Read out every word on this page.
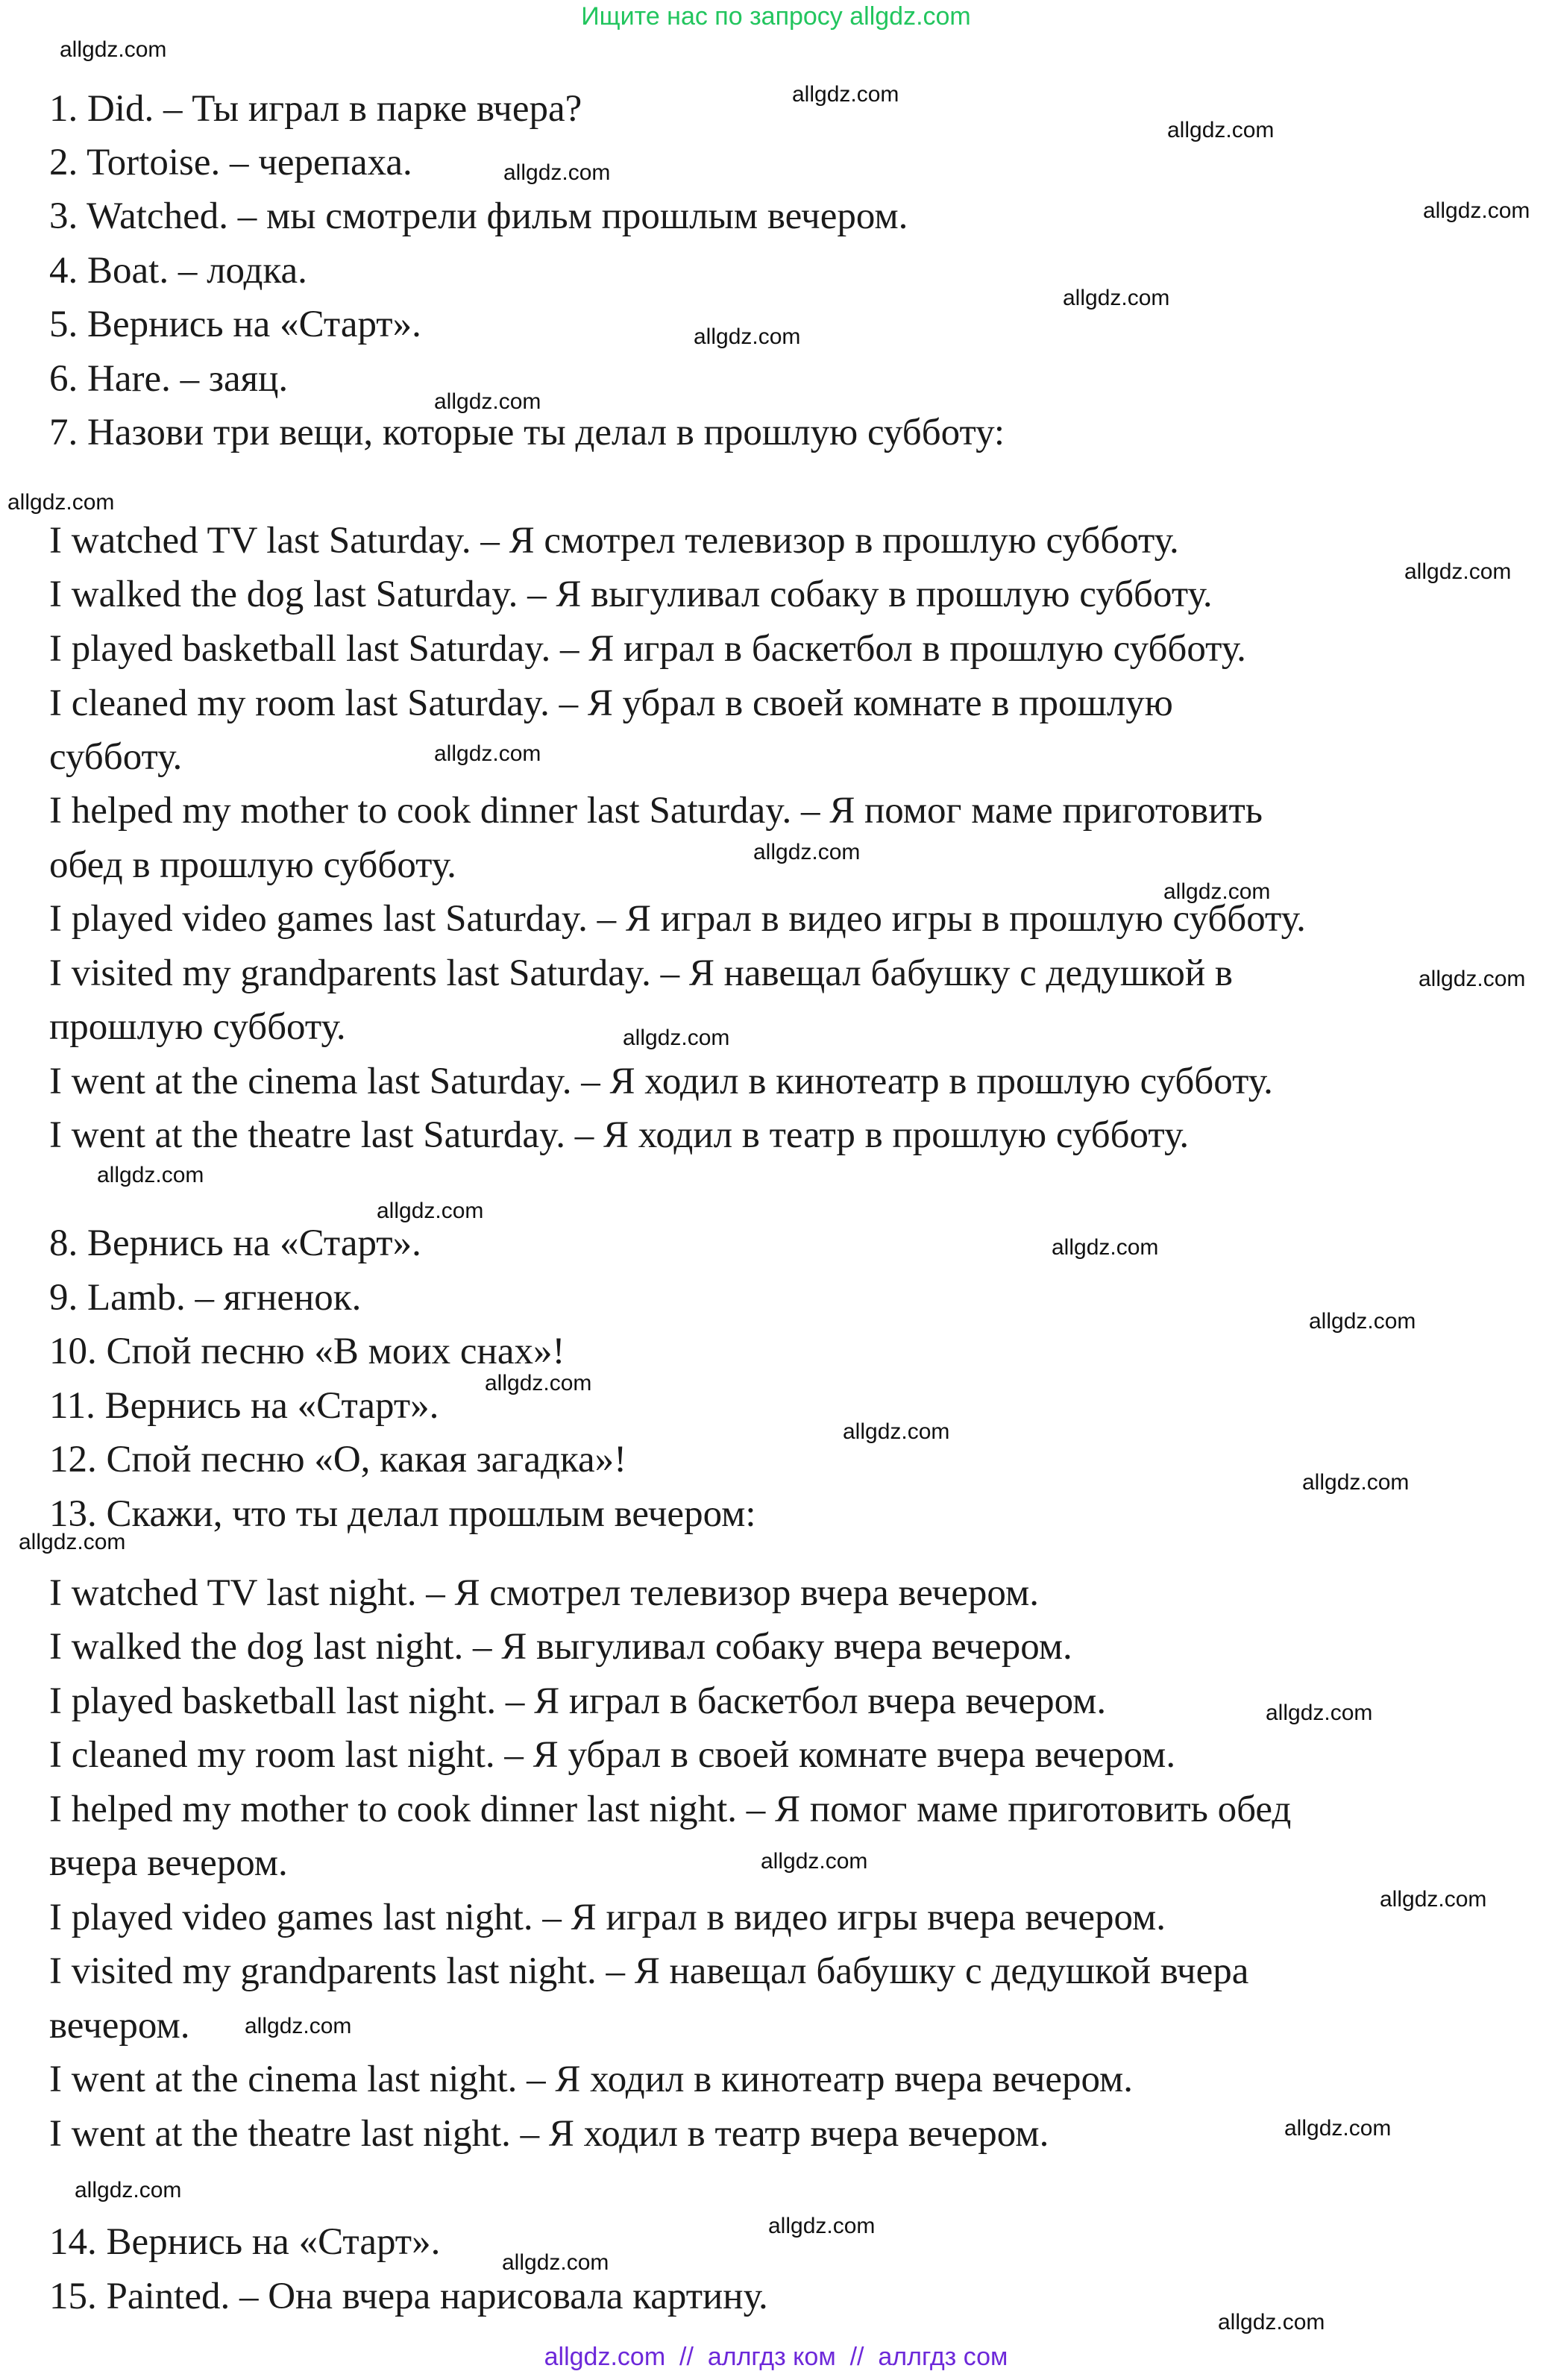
Ищите нас по запросу allgdz.com
1. Did. – Ты играл в парке вчера?
2. Tortoise. – черепаха.
3. Watched. – мы смотрели фильм прошлым вечером.
4. Boat. – лодка.
5. Вернись на «Старт».
6. Hare. – заяц.
7. Назови три вещи, которые ты делал в прошлую субботу:
I watched TV last Saturday. – Я смотрел телевизор в прошлую субботу.
I walked the dog last Saturday. – Я выгуливал собаку в прошлую субботу.
I played basketball last Saturday. – Я играл в баскетбол в прошлую субботу.
I cleaned my room last Saturday. – Я убрал в своей комнате в прошлую
субботу.
I helped my mother to cook dinner last Saturday. – Я помог маме приготовить
обед в прошлую субботу.
I played video games last Saturday. – Я играл в видео игры в прошлую субботу.
I visited my grandparents last Saturday. – Я навещал бабушку с дедушкой в
прошлую субботу.
I went at the cinema last Saturday. – Я ходил в кинотеатр в прошлую субботу.
I went at the theatre last Saturday. – Я ходил в театр в прошлую субботу.
8. Вернись на «Старт».
9. Lamb. – ягненок.
10. Спой песню «В моих снах»!
11. Вернись на «Старт».
12. Спой песню «О, какая загадка»!
13. Скажи, что ты делал прошлым вечером:
I watched TV last night. – Я смотрел телевизор вчера вечером.
I walked the dog last night. – Я выгуливал собаку вчера вечером.
I played basketball last night. – Я играл в баскетбол вчера вечером.
I cleaned my room last night. – Я убрал в своей комнате вчера вечером.
I helped my mother to cook dinner last night. – Я помог маме приготовить обед
вчера вечером.
I played video games last night. – Я играл в видео игры вчера вечером.
I visited my grandparents last night. – Я навещал бабушку с дедушкой вчера
вечером.
I went at the cinema last night. – Я ходил в кинотеатр вчера вечером.
I went at the theatre last night. – Я ходил в театр вчера вечером.
14. Вернись на «Старт».
15. Painted. – Она вчера нарисовала картину.
allgdz.com
allgdz.com
allgdz.com
allgdz.com
allgdz.com
allgdz.com
allgdz.com
allgdz.com
allgdz.com
allgdz.com
allgdz.com
allgdz.com
allgdz.com
allgdz.com
allgdz.com
allgdz.com
allgdz.com
allgdz.com
allgdz.com
allgdz.com
allgdz.com
allgdz.com
allgdz.com
allgdz.com
allgdz.com
allgdz.com
allgdz.com
allgdz.com
allgdz.com
allgdz.com
allgdz.com
allgdz.com
allgdz.com  //  аллгдз ком  //  аллгдз сом
